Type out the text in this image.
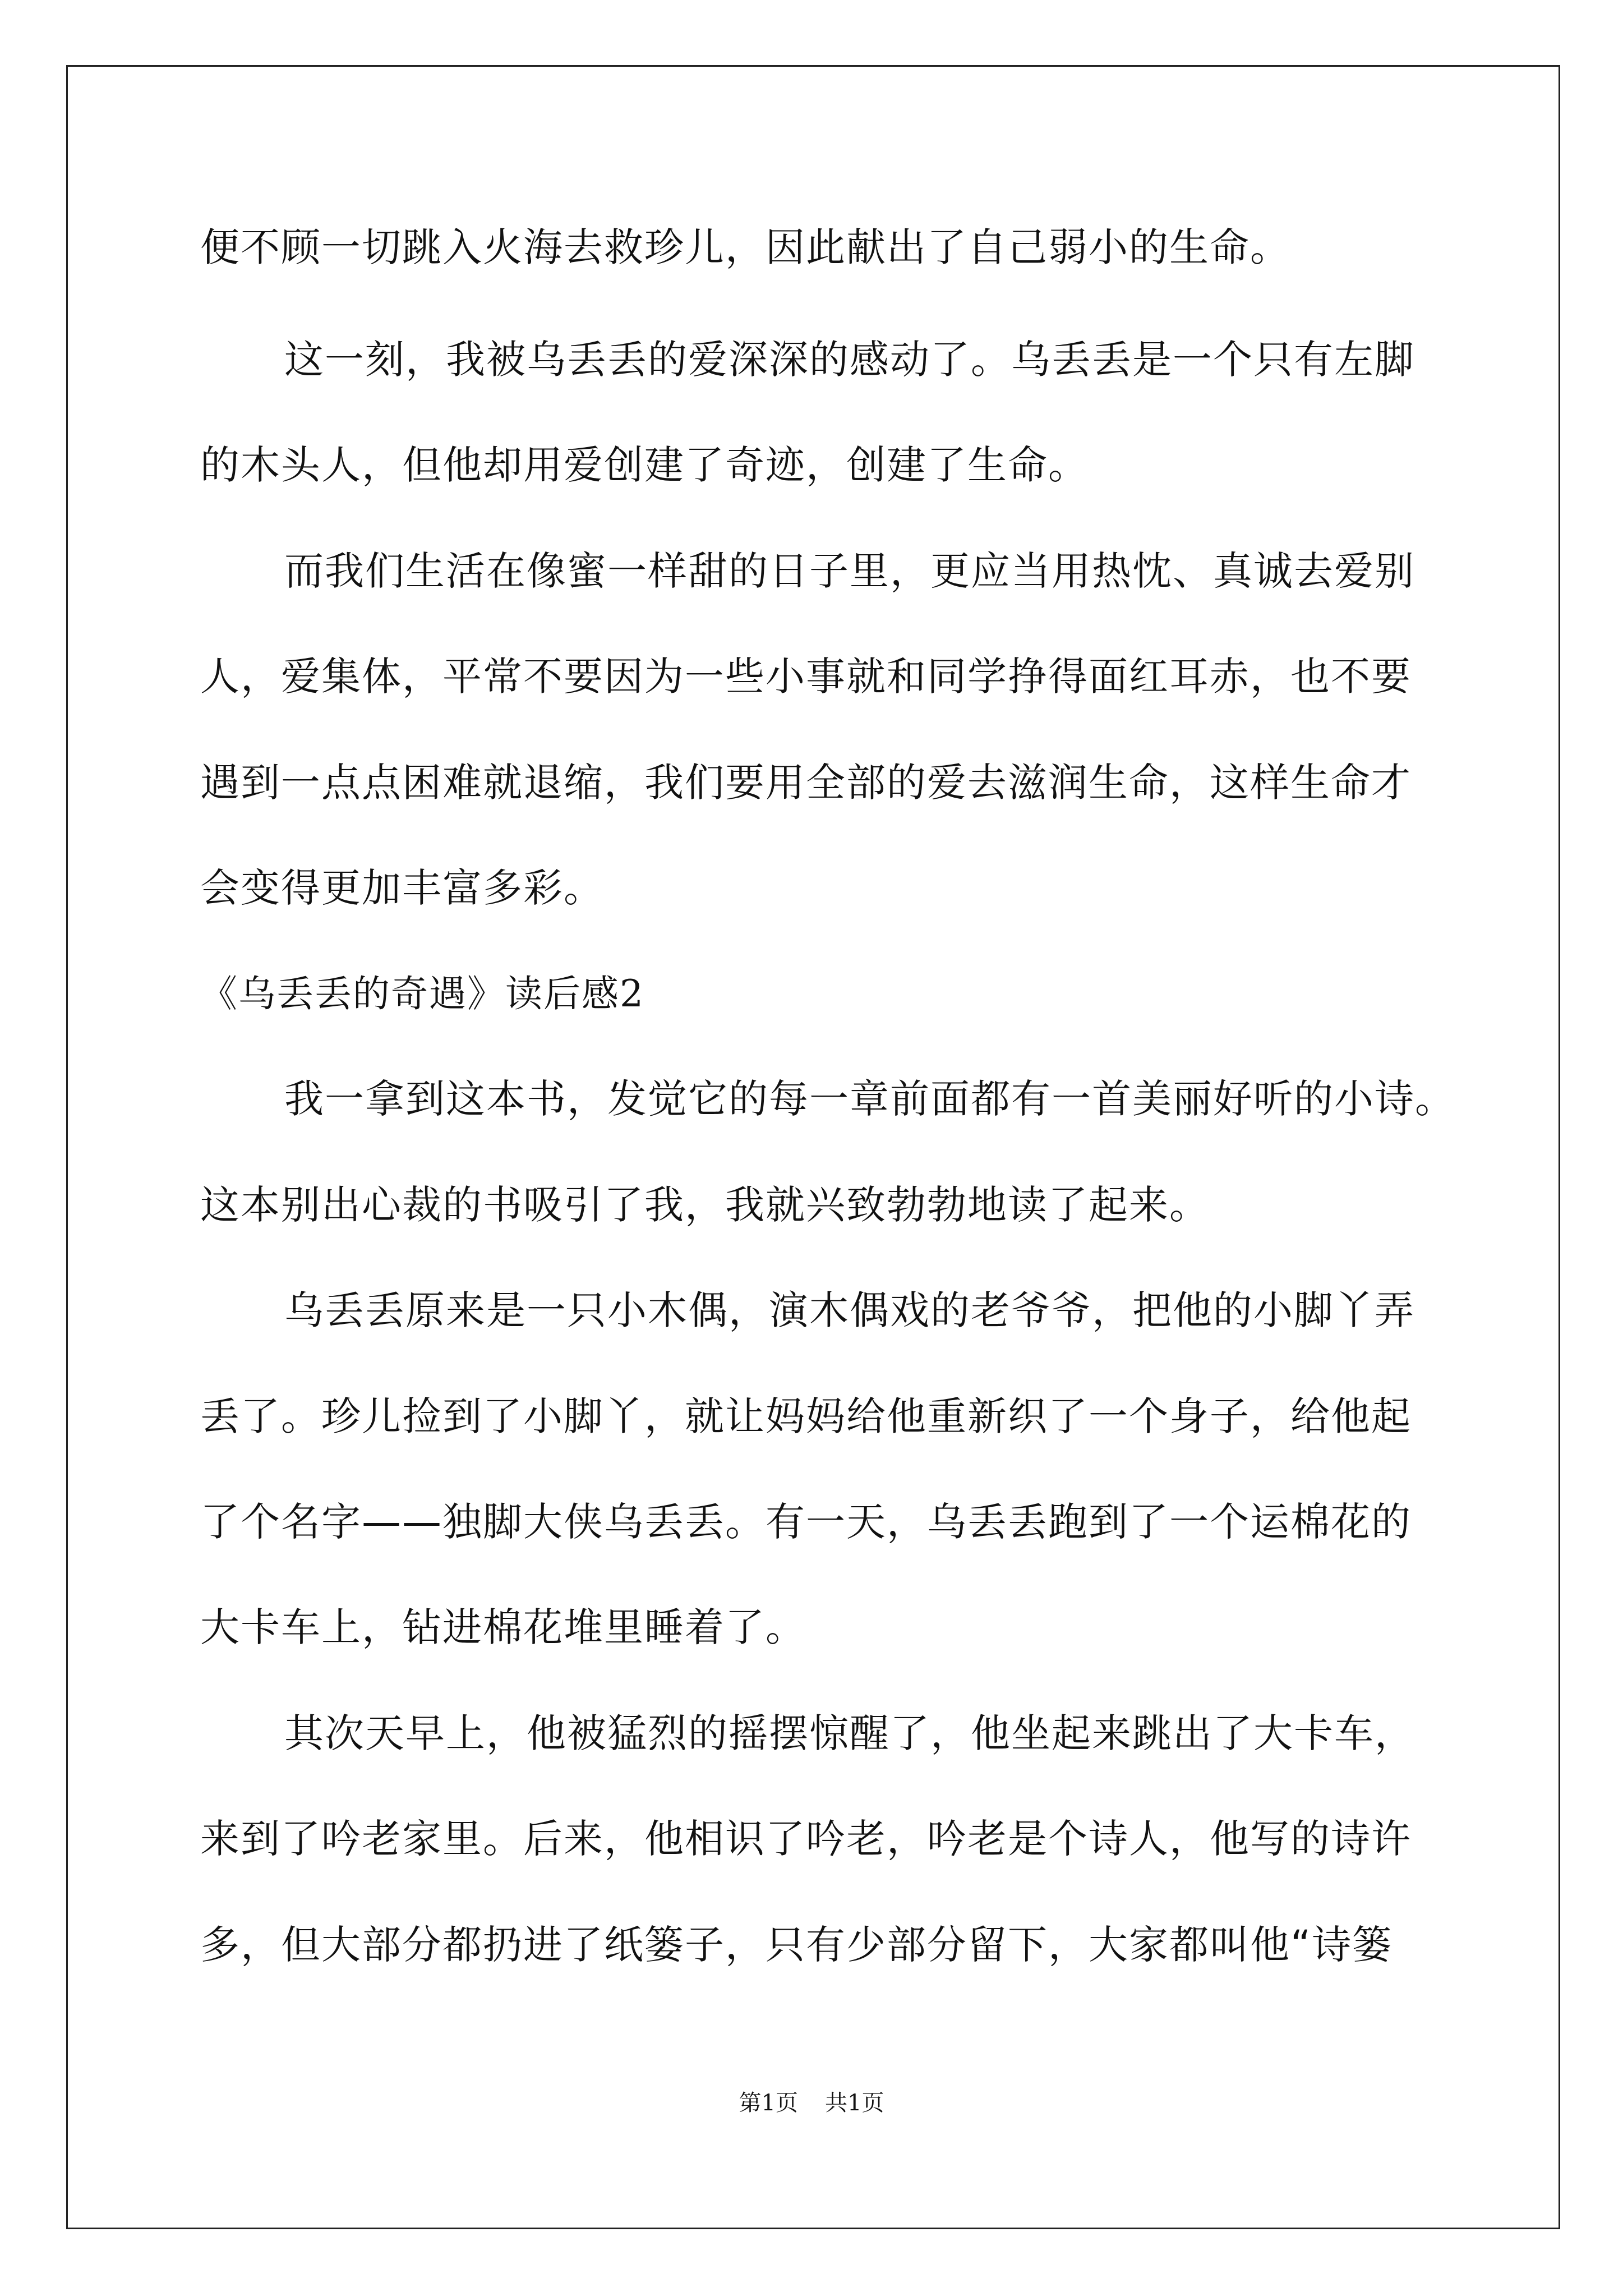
便不顾一切跳入火海去救珍儿，因此献出了自己弱小的生命。
这一刻，我被乌丢丢的爱深深的感动了。乌丢丢是一个只有左脚
的木头人，但他却用爱创建了奇迹，创建了生命。
而我们生活在像蜜一样甜的日子里，更应当用热忱、真诚去爱别
人，爱集体，平常不要因为一些小事就和同学挣得面红耳赤，也不要
遇到一点点困难就退缩，我们要用全部的爱去滋润生命，这样生命才
会变得更加丰富多彩。
《乌丢丢的奇遇》读后感2
我一拿到这本书，发觉它的每一章前面都有一首美丽好听的小诗。
这本别出心裁的书吸引了我，我就兴致勃勃地读了起来。
乌丢丢原来是一只小木偶，演木偶戏的老爷爷，把他的小脚丫弄
丢了。珍儿捡到了小脚丫，就让妈妈给他重新织了一个身子，给他起
了个名字——独脚大侠乌丢丢。有一天，乌丢丢跑到了一个运棉花的
大卡车上，钻进棉花堆里睡着了。
其次天早上，他被猛烈的摇摆惊醒了，他坐起来跳出了大卡车，
来到了吟老家里。后来，他相识了吟老，吟老是个诗人，他写的诗许
多，但大部分都扔进了纸篓子，只有少部分留下，大家都叫他“诗篓
第1页 共1页
